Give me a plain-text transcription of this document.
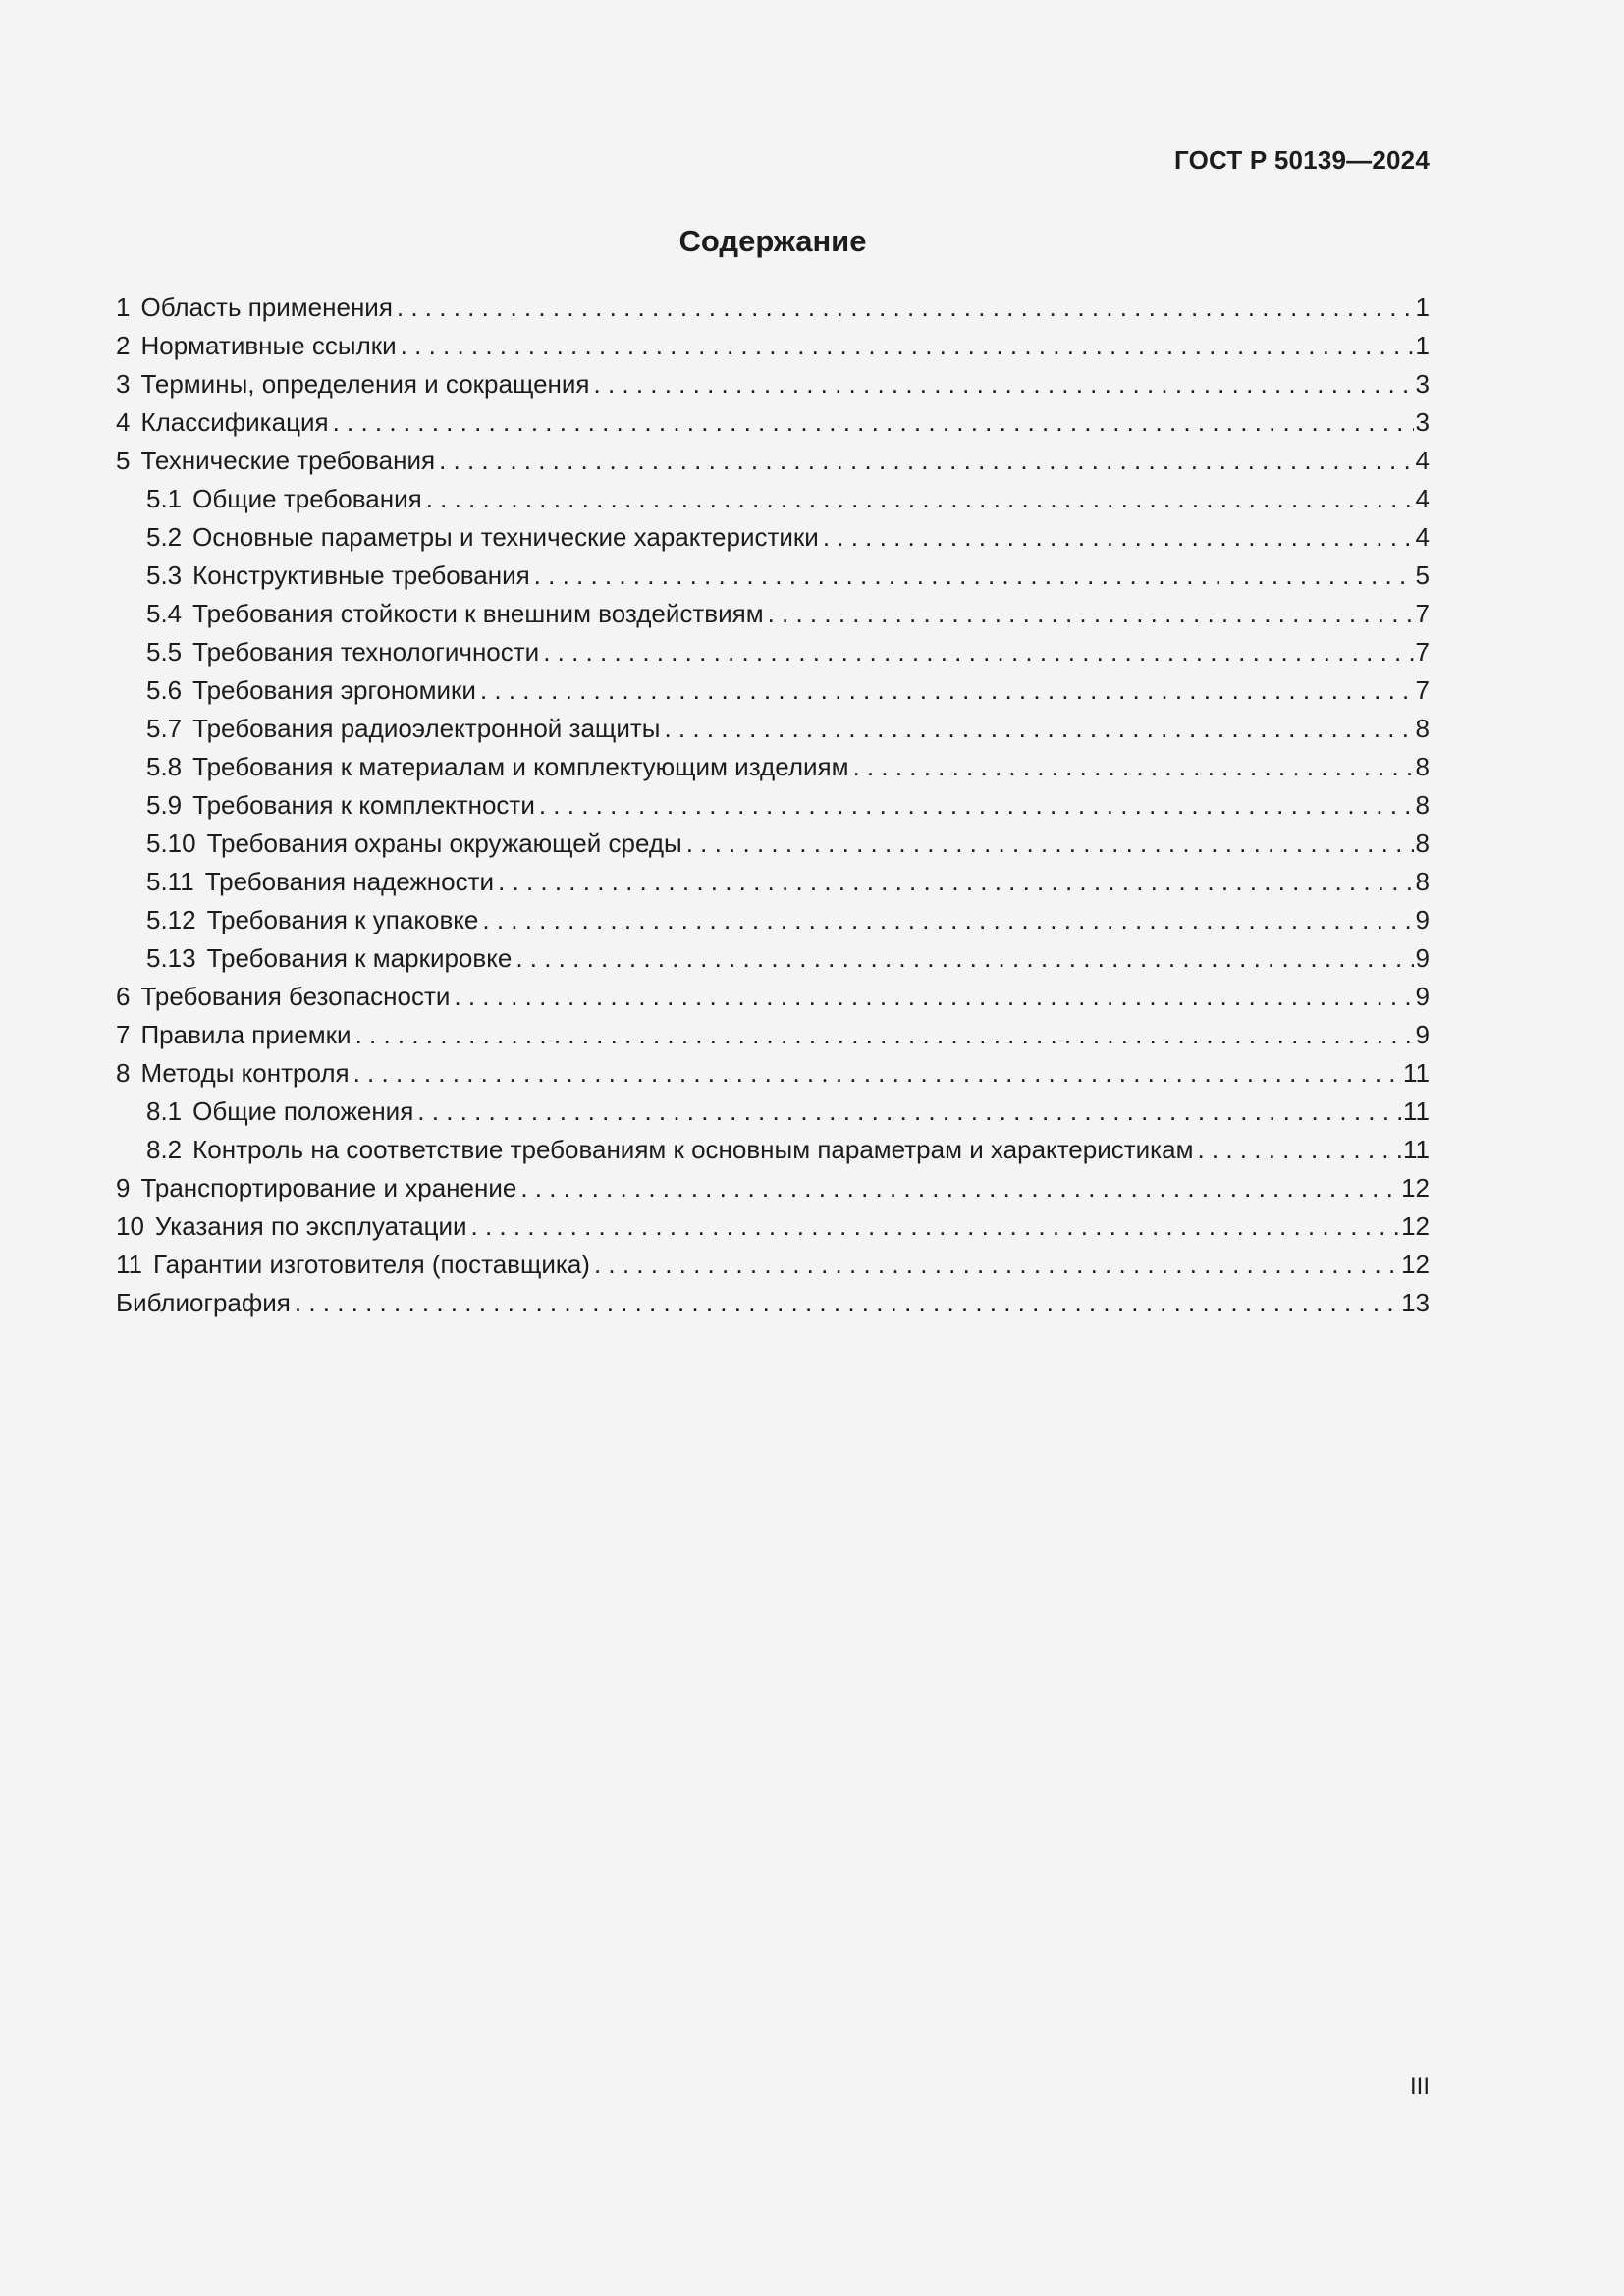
ГОСТ Р 50139—2024
Содержание
1 Область применения . . .	1
2 Нормативные ссылки . . .	1
3 Термины, определения и сокращения . . .	3
4 Классификация . . .	3
5 Технические требования . . .	4
5.1 Общие требования . . .	4
5.2 Основные параметры и технические характеристики . . .	4
5.3 Конструктивные требования . . .	5
5.4 Требования стойкости к внешним воздействиям . . .	7
5.5 Требования технологичности . . .	7
5.6 Требования эргономики . . .	7
5.7 Требования радиоэлектронной защиты . . .	8
5.8 Требования к материалам и комплектующим изделиям . . .	8
5.9 Требования к комплектности . . .	8
5.10 Требования охраны окружающей среды . . .	8
5.11 Требования надежности . . .	8
5.12 Требования к упаковке . . .	9
5.13 Требования к маркировке . . .	9
6 Требования безопасности . . .	9
7 Правила приемки . . .	9
8 Методы контроля . . .	11
8.1 Общие положения . . .	11
8.2 Контроль на соответствие требованиям к основным параметрам и характеристикам . . .	11
9 Транспортирование и хранение . . .	12
10 Указания по эксплуатации . . .	12
11 Гарантии изготовителя (поставщика) . . .	12
Библиография . . .	13
III
